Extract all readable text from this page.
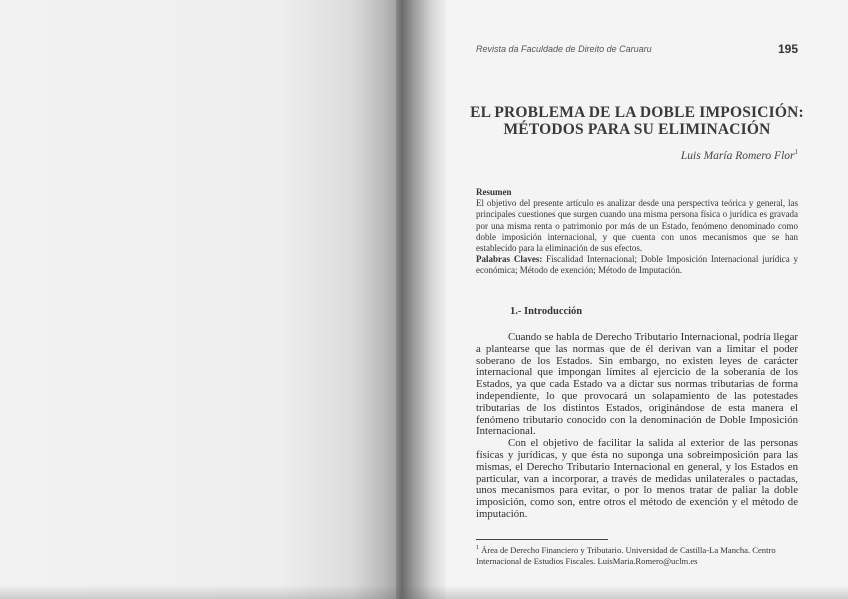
Revista da Faculdade de Direito de Caruaru	195
EL PROBLEMA DE LA DOBLE IMPOSICIÓN:
MÉTODOS PARA SU ELIMINACIÓN
Luis María Romero Flor$^1$
Resumen

El objetivo del presente artículo es analizar desde una perspectiva teórica y general, las principales cuestiones que surgen cuando una misma persona física o jurídica es gravada por una misma renta o patrimonio por más de un Estado, fenómeno denominado como doble imposición internacional, y que cuenta con unos mecanismos que se han establecido para la eliminación de sus efectos.

Palabras Claves: Fiscalidad Internacional; Doble Imposición Internacional jurídica y económica; Método de exención; Método de Imputación.

1.- Introducción

Cuando se habla de Derecho Tributario Internacional, podría llegar a plantearse que las normas que de él derivan van a limitar el poder soberano de los Estados. Sin embargo, no existen leyes de carácter internacional que impongan límites al ejercicio de la soberanía de los Estados, ya que cada Estado va a dictar sus normas tributarias de forma independiente, lo que provocará un solapamiento de las potestades tributarias de los distintos Estados, originándose de esta manera el fenómeno tributario conocido con la denominación de Doble Imposición Internacional.

Con el objetivo de facilitar la salida al exterior de las personas físicas y jurídicas, y que ésta no suponga una sobreimposición para las mismas, el Derecho Tributario Internacional en general, y los Estados en particular, van a incorporar, a través de medidas unilaterales o pactadas, unos mecanismos para evitar, o por lo menos tratar de paliar la doble imposición, como son, entre otros el método de exención y el método de imputación.

$^1$ Área de Derecho Financiero y Tributario. Universidad de Castilla-La Mancha. Centro Internacional de Estudios Fiscales. LuisMaria.Romero@uclm.es
